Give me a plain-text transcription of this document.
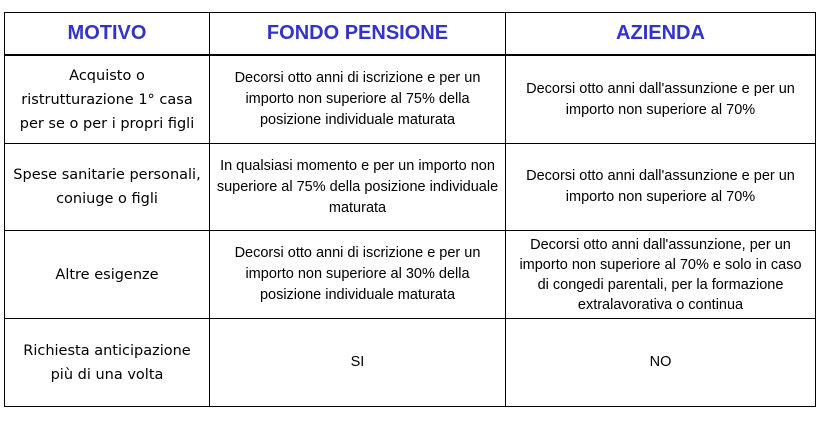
MOTIVO	FONDO PENSIONE	AZIENDA
Acquisto o ristrutturazione 1° casa per se o per i propri figli	Decorsi otto anni di iscrizione e per un importo non superiore al 75% della posizione individuale maturata	Decorsi otto anni dall'assunzione e per un importo non superiore al 70%
Spese sanitarie personali, coniuge o figli	In qualsiasi momento e per un importo non superiore al 75% della posizione individuale maturata	Decorsi otto anni dall'assunzione e per un importo non superiore al 70%
Altre esigenze	Decorsi otto anni di iscrizione e per un importo non superiore al 30% della posizione individuale maturata	Decorsi otto anni dall'assunzione, per un importo non superiore al 70% e solo in caso di congedi parentali, per la formazione extralavorativa o continua
Richiesta anticipazione più di una volta	SI	NO
